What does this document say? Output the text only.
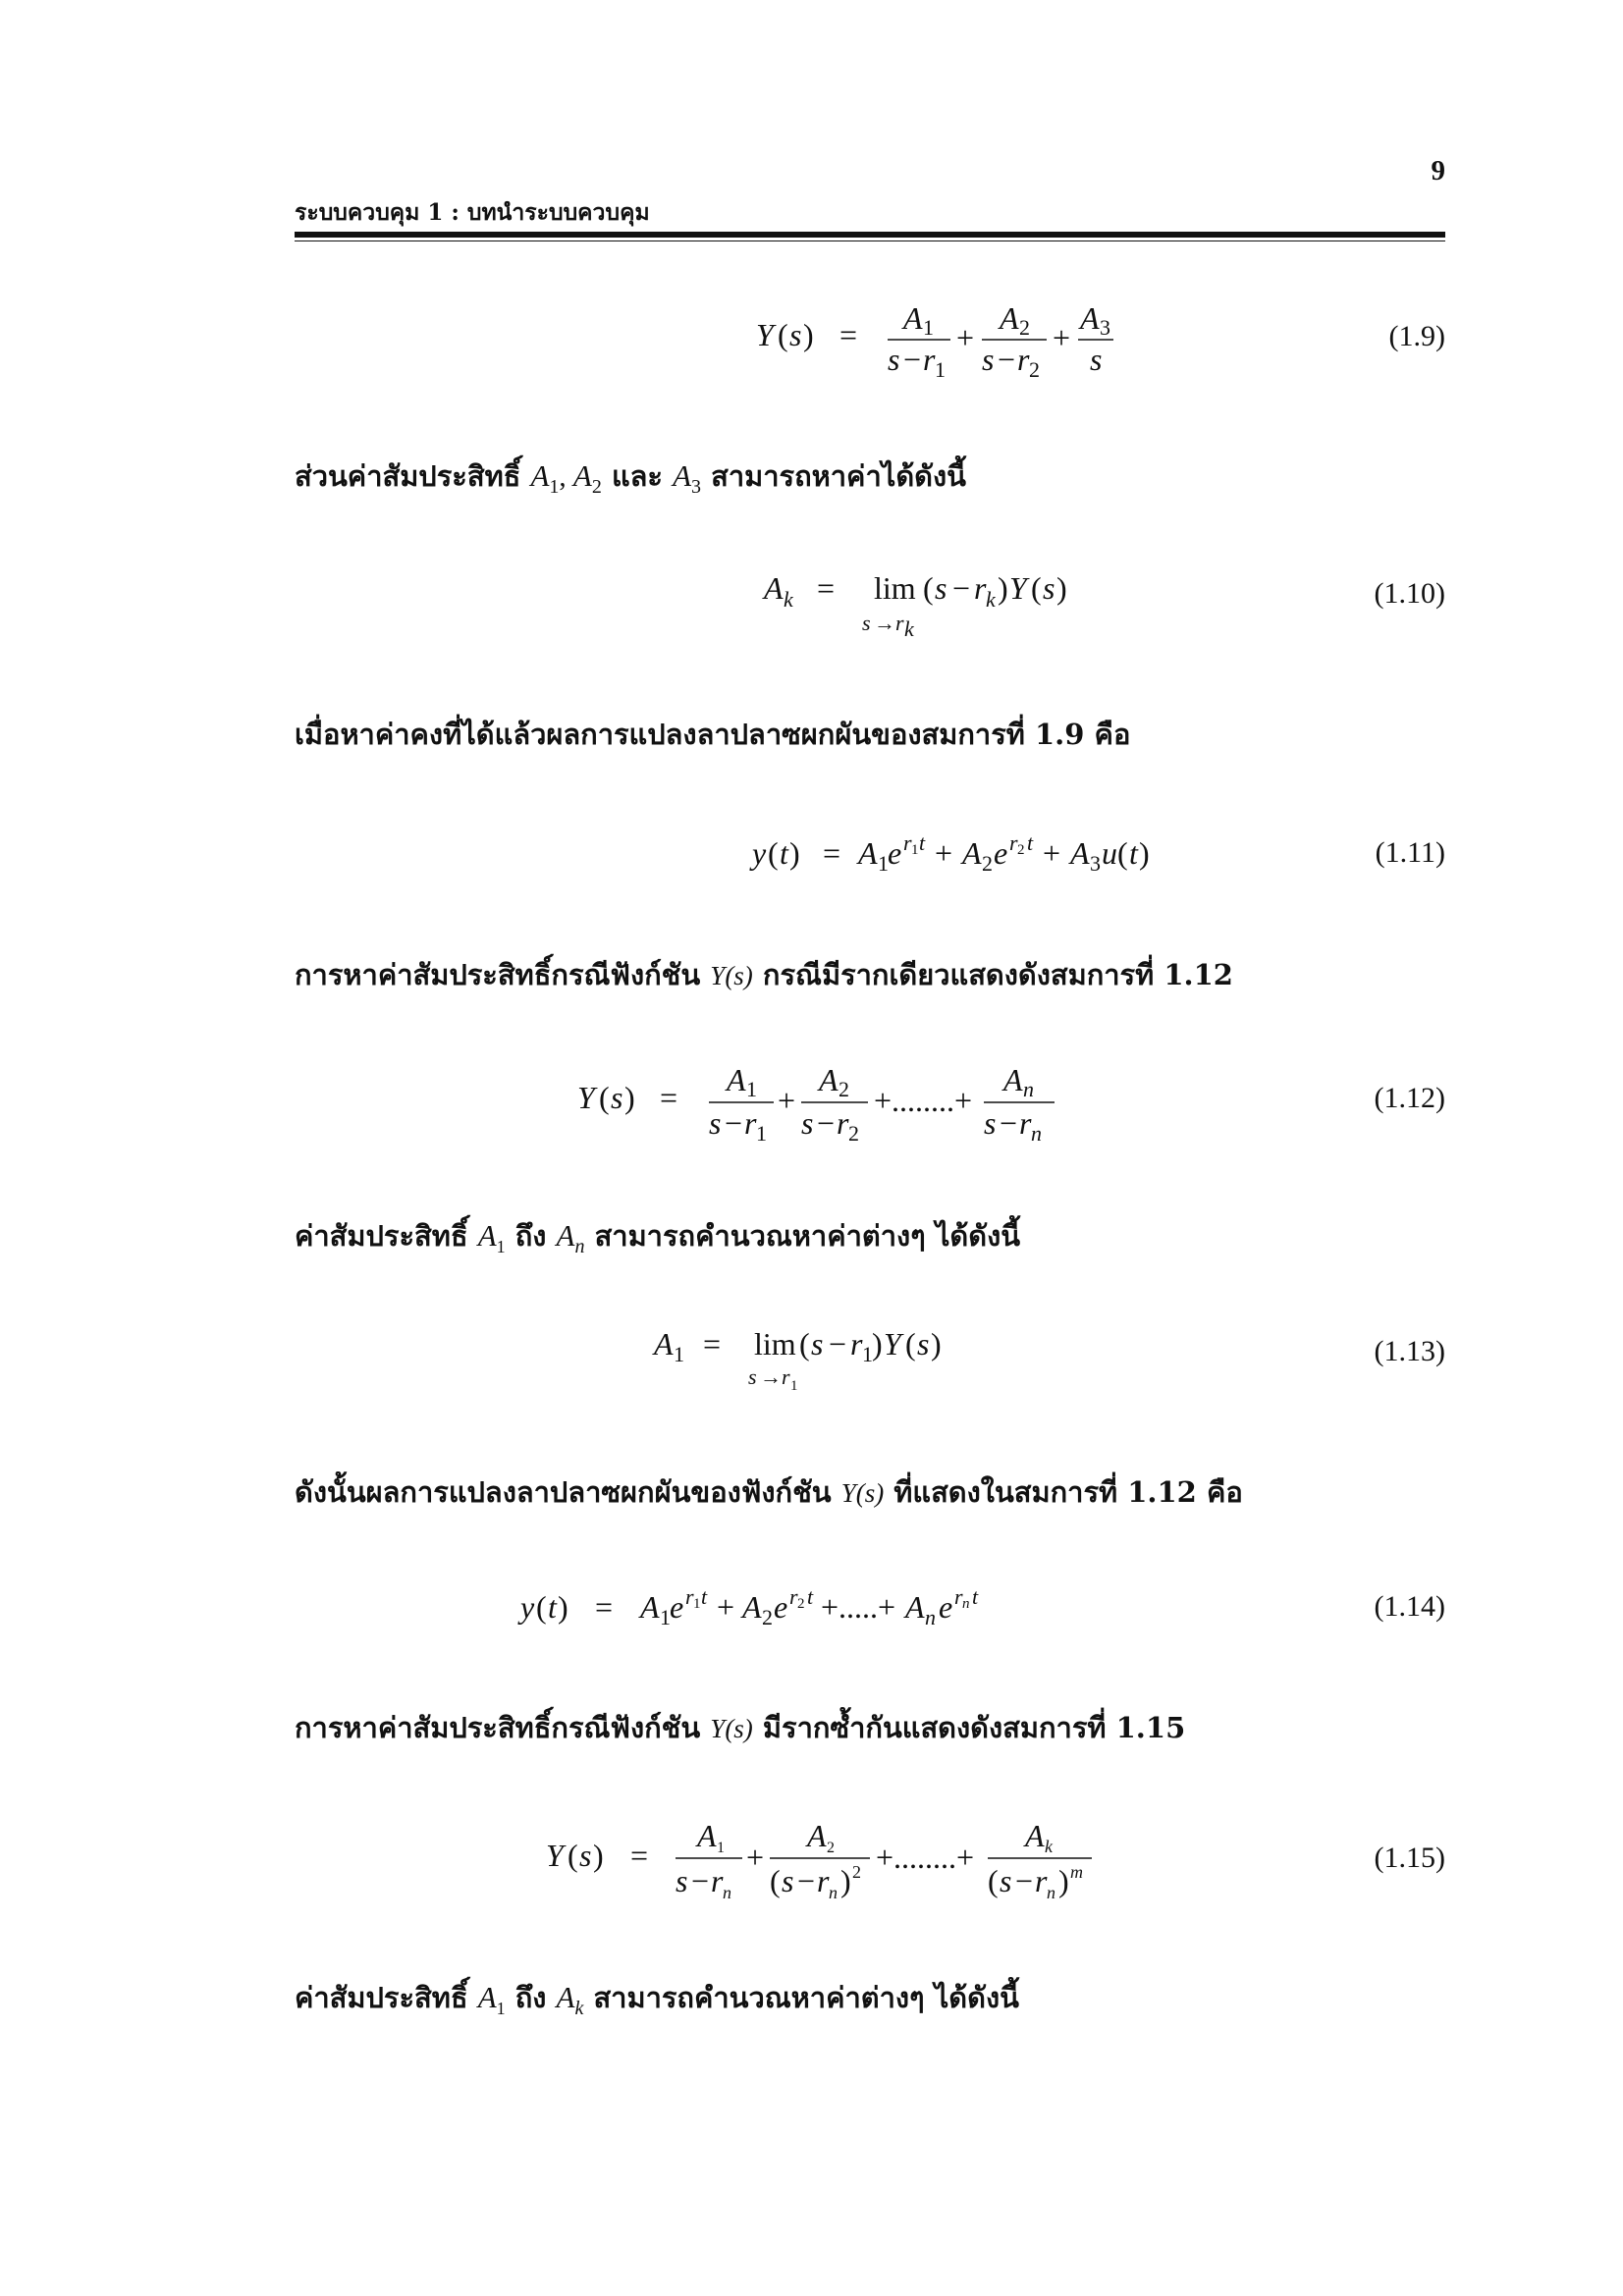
9
ระบบควบคุม 1 : บทนำระบบควบคุม
Y ( s ) = A 1
s − r 1
+
A 2
s − r 2
+
A 3
s
(1.9)
ส่วนค่าสัมประสิทธิ์ $A_1$, $A_2$ และ $A_3$ สามารถหาค่าได้ดังนี้
A k = lim
s → r k
( s − r k ) Y ( s )	(1.10)
เมื่อหาค่าคงที่ได้แล้วผลการแปลงลาปลาซผกผันของสมการที่ 1.9 คือ
y ( t ) = A 1 e r 1 t + A 2 e r 2 t + A 3 u ( t )	(1.11)
การหาค่าสัมประสิทธิ์กรณีฟังก์ชัน Y(s) กรณีมีรากเดียวแสดงดังสมการที่ 1.12
Y ( s ) = A 1
s − r 1
+
A 2
s − r 2
+........+
A n
s − r n
(1.12)
ค่าสัมประสิทธิ์ $A_1$ ถึง $A_n$ สามารถคำนวณหาค่าต่างๆ ได้ดังนี้
A 1 = lim
s → r 1
( s − r 1 ) Y ( s )	(1.13)
ดังนั้นผลการแปลงลาปลาซผกผันของฟังก์ชัน Y(s) ที่แสดงในสมการที่ 1.12 คือ
y ( t ) = A 1 e r 1 t + A 2 e r 2 t +.....+ A n e r n t	(1.14)
การหาค่าสัมประสิทธิ์กรณีฟังก์ชัน Y(s) มีรากซ้ำกันแสดงดังสมการที่ 1.15
Y ( s ) =
A 1
s − r n
+
A 2
( s − r n ) 2 +........+
A k
( s − r n ) m	(1.15)
ค่าสัมประสิทธิ์ $A_1$ ถึง $A_k$ สามารถคำนวณหาค่าต่างๆ ได้ดังนี้
